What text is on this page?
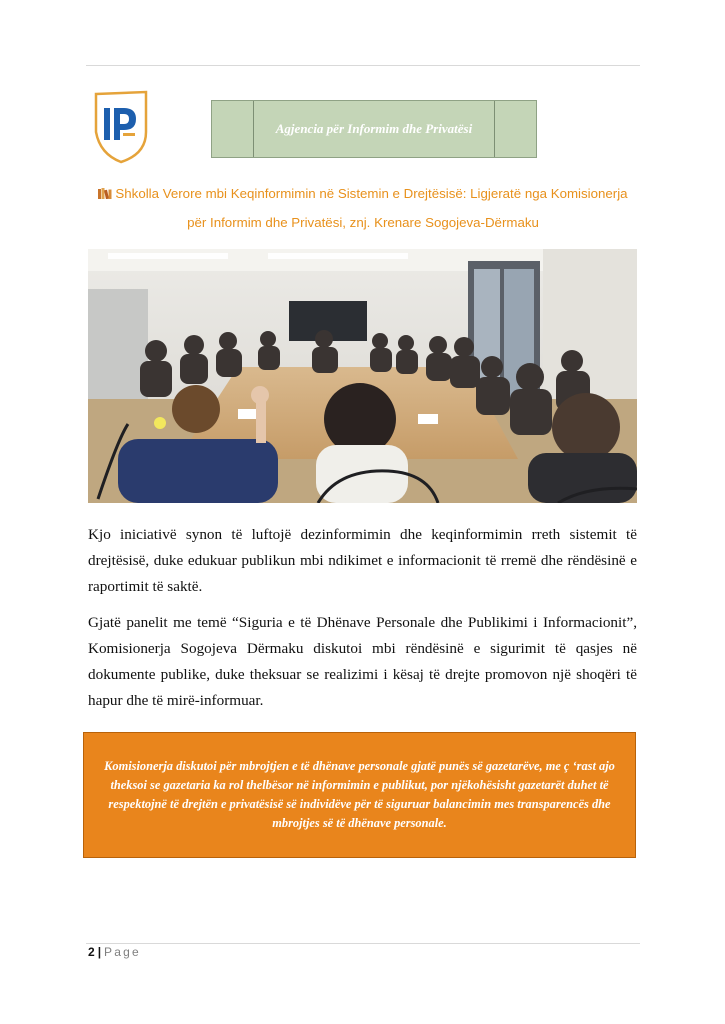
Agjencia për Informim dhe Privatësi
Shkolla Verore mbi Keqinformimin në Sistemin e Drejtësisë: Ligjeratë nga Komisionerja
për Informim dhe Privatësi, znj. Krenare Sogojeva-Dërmaku

Kjo iniciativë synon të luftojë dezinformimin dhe keqinformimin rreth sistemit të drejtësisë, duke edukuar publikun mbi ndikimet e informacionit të rremë dhe rëndësinë e raportimit të saktë.

Gjatë panelit me temë “Siguria e të Dhënave Personale dhe Publikimi i Informacionit”, Komisionerja Sogojeva Dërmaku diskutoi mbi rëndësinë e sigurimit të qasjes në dokumente publike, duke theksuar se realizimi i kësaj të drejte promovon një shoqëri të hapur dhe të mirë-informuar.

Komisionerja diskutoi për mbrojtjen e të dhënave personale gjatë punës së gazetarëve, me ç ‘rast ajo theksoi se gazetaria ka rol thelbësor në informimin e publikut, por njëkohësisht gazetarët duhet të respektojnë të drejtën e privatësisë së individëve për të siguruar balancimin mes transparencës dhe mbrojtjes së të dhënave personale.
2 | Page
